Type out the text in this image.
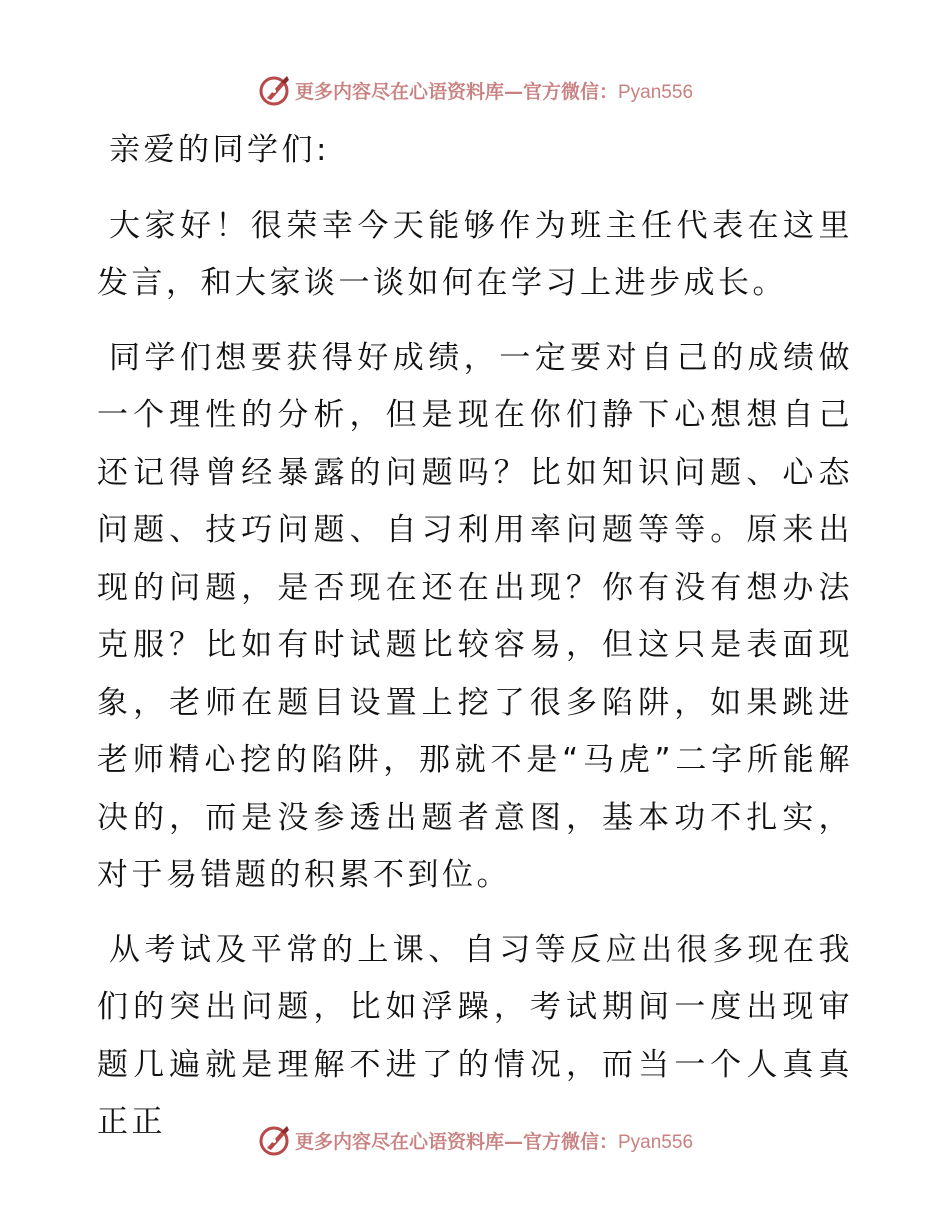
更多内容尽在心语资料库—官方微信：Pyan556

亲爱的同学们:

大家好！很荣幸今天能够作为班主任代表在这里发言，和大家谈一谈如何在学习上进步成长。

同学们想要获得好成绩，一定要对自己的成绩做一个理性的分析，但是现在你们静下心想想自己还记得曾经暴露的问题吗？比如知识问题、心态问题、技巧问题、自习利用率问题等等。原来出现的问题，是否现在还在出现？你有没有想办法克服？比如有时试题比较容易，但这只是表面现象，老师在题目设置上挖了很多陷阱，如果跳进老师精心挖的陷阱，那就不是“马虎”二字所能解决的，而是没参透出题者意图，基本功不扎实，对于易错题的积累不到位。

从考试及平常的上课、自习等反应出很多现在我们的突出问题，比如浮躁，考试期间一度出现审题几遍就是理解不进了的情况，而当一个人真真正正

更多内容尽在心语资料库—官方微信：Pyan556
